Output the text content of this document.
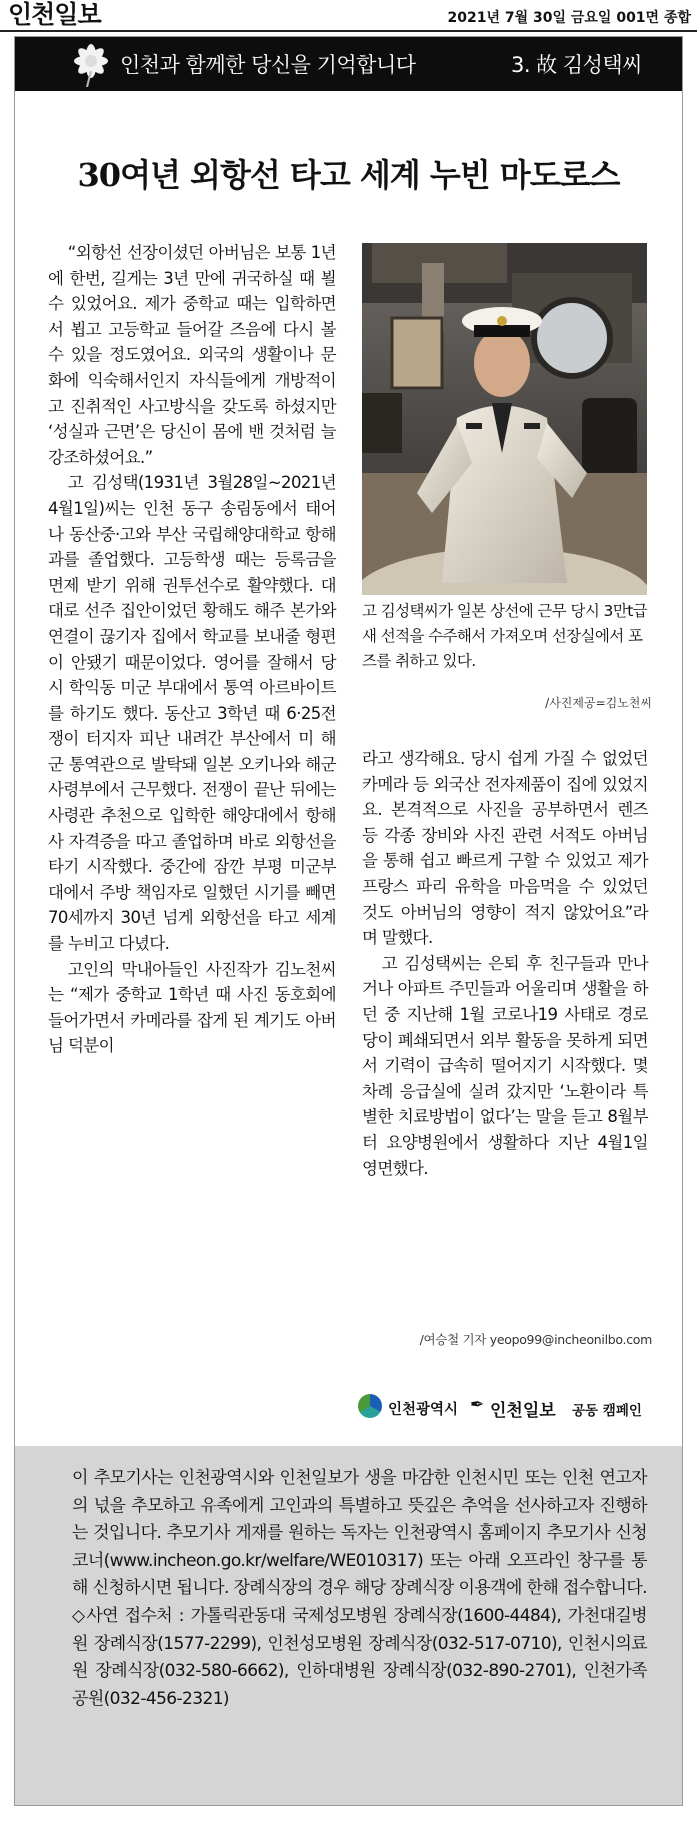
인천일보	2021년 7월 30일 금요일 001면 종합
인천과 함께한 당신을 기억합니다	3. 故 김성택씨
30여년 외항선 타고 세계 누빈 마도로스

“외항선 선장이셨던 아버님은 보통 1년에 한번, 길게는 3년 만에 귀국하실 때 뵐 수 있었어요. 제가 중학교 때는 입학하면서 뵙고 고등학교 들어갈 즈음에 다시 볼 수 있을 정도였어요. 외국의 생활이나 문화에 익숙해서인지 자식들에게 개방적이고 진취적인 사고방식을 갖도록 하셨지만 ‘성실과 근면’은 당신이 몸에 밴 것처럼 늘 강조하셨어요.”

고 김성택(1931년 3월28일~2021년 4월1일)씨는 인천 동구 송림동에서 태어나 동산중·고와 부산 국립해양대학교 항해과를 졸업했다. 고등학생 때는 등록금을 면제 받기 위해 권투선수로 활약했다. 대대로 선주 집안이었던 황해도 해주 본가와 연결이 끊기자 집에서 학교를 보내줄 형편이 안됐기 때문이었다. 영어를 잘해서 당시 학익동 미군 부대에서 통역 아르바이트를 하기도 했다. 동산고 3학년 때 6·25전쟁이 터지자 피난 내려간 부산에서 미 해군 통역관으로 발탁돼 일본 오키나와 해군 사령부에서 근무했다. 전쟁이 끝난 뒤에는 사령관 추천으로 입학한 해양대에서 항해사 자격증을 따고 졸업하며 바로 외항선을 타기 시작했다. 중간에 잠깐 부평 미군부대에서 주방 책임자로 일했던 시기를 빼면 70세까지 30년 넘게 외항선을 타고 세계를 누비고 다녔다.

고인의 막내아들인 사진작가 김노천씨는 “제가 중학교 1학년 때 사진 동호회에 들어가면서 카메라를 잡게 된 계기도 아버님 덕분이

고 김성택씨가 일본 상선에 근무 당시 3만t급 새 선적을 수주해서 가져오며 선장실에서 포즈를 취하고 있다.
/사진제공=김노천씨

라고 생각해요. 당시 쉽게 가질 수 없었던 카메라 등 외국산 전자제품이 집에 있었지요. 본격적으로 사진을 공부하면서 렌즈 등 각종 장비와 사진 관련 서적도 아버님을 통해 쉽고 빠르게 구할 수 있었고 제가 프랑스 파리 유학을 마음먹을 수 있었던 것도 아버님의 영향이 적지 않았어요”라며 말했다.

고 김성택씨는 은퇴 후 친구들과 만나거나 아파트 주민들과 어울리며 생활을 하던 중 지난해 1월 코로나19 사태로 경로당이 폐쇄되면서 외부 활동을 못하게 되면서 기력이 급속히 떨어지기 시작했다. 몇 차례 응급실에 실려 갔지만 ‘노환이라 특별한 치료방법이 없다’는 말을 듣고 8월부터 요양병원에서 생활하다 지난 4월1일 영면했다.

/여승철 기자 yeopo99@incheonilbo.com
인천광역시 ✒ 인천일보 공동 캠페인

이 추모기사는 인천광역시와 인천일보가 생을 마감한 인천시민 또는 인천 연고자의 넋을 추모하고 유족에게 고인과의 특별하고 뜻깊은 추억을 선사하고자 진행하는 것입니다. 추모기사 게재를 원하는 독자는 인천광역시 홈페이지 추모기사 신청 코너(www.incheon.go.kr/welfare/WE010317) 또는 아래 오프라인 창구를 통해 신청하시면 됩니다. 장례식장의 경우 해당 장례식장 이용객에 한해 접수합니다.

◇사연 접수처 : 가톨릭관동대 국제성모병원 장례식장(1600-4484), 가천대길병원 장례식장(1577-2299), 인천성모병원 장례식장(032-517-0710), 인천시의료원 장례식장(032-580-6662), 인하대병원 장례식장(032-890-2701), 인천가족공원(032-456-2321)
